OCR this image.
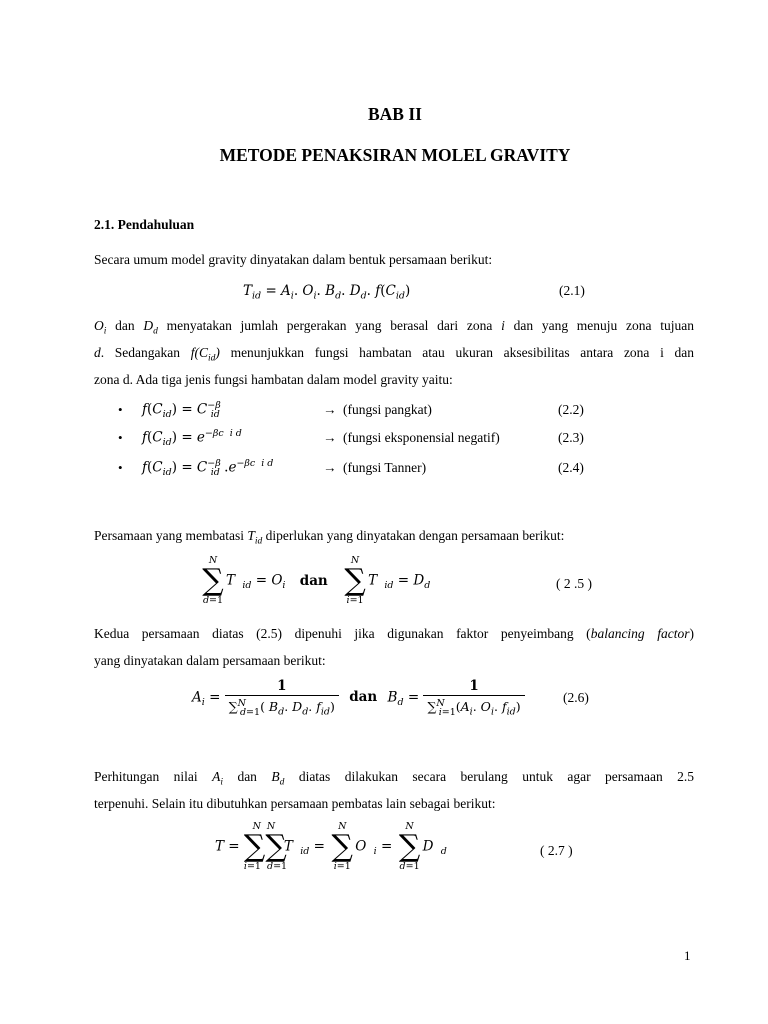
BAB II
METODE PENAKSIRAN MOLEL GRAVITY
2.1. Pendahuluan
Secara umum model gravity dinyatakan dalam bentuk persamaan berikut:
$T_{id} = A_i$. $O_i$. $B_d$. $D_d$. $f(C_{id})$	(2.1)
$O_i$ dan $D_d$ menyatakan jumlah pergerakan yang berasal dari zona i dan yang menuju zona tujuan
d. Sedangakan $f(C_{id})$ menunjukkan fungsi hambatan atau ukuran aksesibilitas antara zona i dan
zona d. Ada tiga jenis fungsi hambatan dalam model gravity yaitu:
• $f(C_{id}) = C^{-\beta}_{id}$	→ (fungsi pangkat)	(2.2)
• $f(C_{id}) = e^{-\beta c i d}$	→ (fungsi eksponensial negatif)	(2.3)
• $f(C_{id}) = C^{-\beta}_{id}$ $.e^{-\beta c i d}$	→ (fungsi Tanner)	(2.4)
Persamaan yang membatasi $T_{id}$ diperlukan yang dinyatakan dengan persamaan berikut:
N
∑
d=1
T  $_{id} = O_i$ dan
N
∑
i=1
T  $_{id} = D_d$	( 2 .5 )
Kedua persamaan diatas (2.5) dipenuhi jika digunakan faktor penyeimbang (balancing factor)
yang dinyatakan dalam persamaan berikut:
$A_i = \frac{1}{\sum^N_{d=1}( B_d. D_d. f_{id})}$ dan $B_d = \frac{1}{\sum^N_{i=1}(A_i. O_i. f_{id})}$	(2.6)
Perhitungan nilai $A_i$ dan $B_d$ diatas dilakukan secara berulang untuk agar persamaan 2.5
terpenuhi. Selain itu dibutuhkan persamaan pembatas lain sebagai berikut:
T =
N  N
∑∑
i=1  d=1
T  $_{id}$ =
N
∑
i=1
O  $_i$ =
N
∑
d=1
D  $_d$	( 2.7 )
1
